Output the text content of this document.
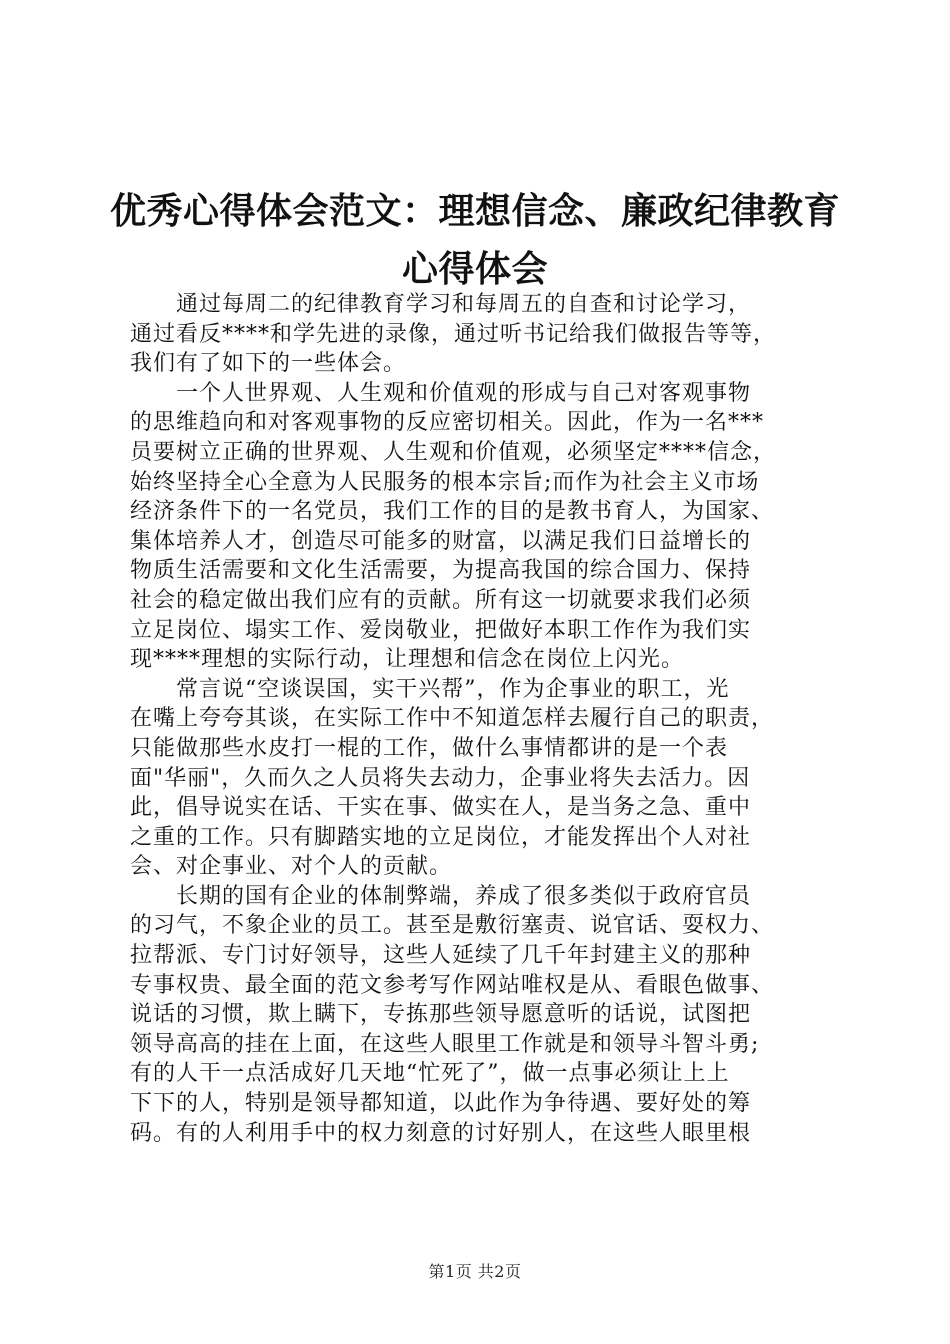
优秀心得体会范文：理想信念、廉政纪律教育
心得体会

　　通过每周二的纪律教育学习和每周五的自查和讨论学习，
通过看反****和学先进的录像，通过听书记给我们做报告等等，
我们有了如下的一些体会。

　　一个人世界观、人生观和价值观的形成与自己对客观事物
的思维趋向和对客观事物的反应密切相关。因此，作为一名***
员要树立正确的世界观、人生观和价值观，必须坚定****信念，
始终坚持全心全意为人民服务的根本宗旨;而作为社会主义市场
经济条件下的一名党员，我们工作的目的是教书育人，为国家、
集体培养人才，创造尽可能多的财富，以满足我们日益增长的
物质生活需要和文化生活需要，为提高我国的综合国力、保持
社会的稳定做出我们应有的贡献。所有这一切就要求我们必须
立足岗位、塌实工作、爱岗敬业，把做好本职工作作为我们实
现****理想的实际行动，让理想和信念在岗位上闪光。

　　常言说“空谈误国，实干兴帮”，作为企事业的职工，光
在嘴上夸夸其谈，在实际工作中不知道怎样去履行自己的职责，
只能做那些水皮打一棍的工作，做什么事情都讲的是一个表
面"华丽"，久而久之人员将失去动力，企事业将失去活力。因
此，倡导说实在话、干实在事、做实在人，是当务之急、重中
之重的工作。只有脚踏实地的立足岗位，才能发挥出个人对社
会、对企事业、对个人的贡献。

　　长期的国有企业的体制弊端，养成了很多类似于政府官员
的习气，不象企业的员工。甚至是敷衍塞责、说官话、耍权力、
拉帮派、专门讨好领导，这些人延续了几千年封建主义的那种
专事权贵、最全面的范文参考写作网站唯权是从、看眼色做事、
说话的习惯，欺上瞒下，专拣那些领导愿意听的话说，试图把
领导高高的挂在上面，在这些人眼里工作就是和领导斗智斗勇;
有的人干一点活成好几天地“忙死了”，做一点事必须让上上
下下的人，特别是领导都知道，以此作为争待遇、要好处的筹
码。有的人利用手中的权力刻意的讨好别人，在这些人眼里根

第1页 共2页
